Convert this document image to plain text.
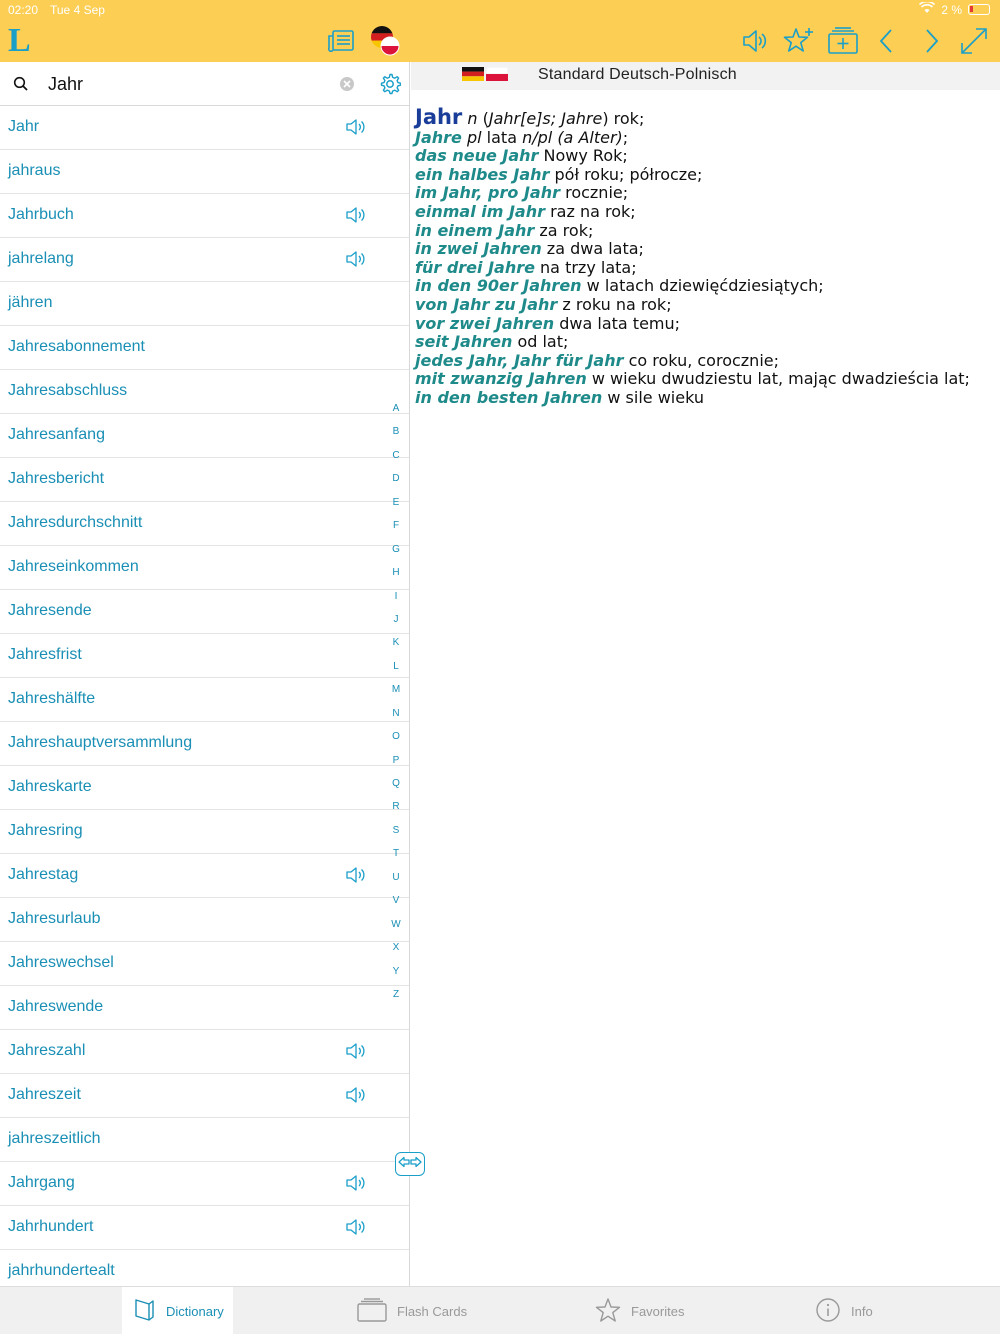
02:20 Tue 4 Sep	2 %
L
Jahr
Jahr
jahraus
Jahrbuch
jahrelang
jähren
Jahresabonnement
Jahresabschluss
Jahresanfang
Jahresbericht
Jahresdurchschnitt
Jahreseinkommen
Jahresende
Jahresfrist
Jahreshälfte
Jahreshauptversammlung
Jahreskarte
Jahresring
Jahrestag
Jahresurlaub
Jahreswechsel
Jahreswende
Jahreszahl
Jahreszeit
jahreszeitlich
Jahrgang
Jahrhundert
jahrhundertealt
A
B
C
D
E
F
G
H
I
J
K
L
M
N
O
P
Q
R
S
T
U
V
W
X
Y
Z
Standard Deutsch-Polnisch
Jahr n (Jahr[e]s; Jahre) rok;
Jahre pl lata n/pl (a Alter);
das neue Jahr Nowy Rok;
ein halbes Jahr pół roku; półrocze;
im Jahr, pro Jahr rocznie;
einmal im Jahr raz na rok;
in einem Jahr za rok;
in zwei Jahren za dwa lata;
für drei Jahre na trzy lata;
in den 90er Jahren w latach dziewięćdziesiątych;
von Jahr zu Jahr z roku na rok;
vor zwei Jahren dwa lata temu;
seit Jahren od lat;
jedes Jahr, Jahr für Jahr co roku, corocznie;
mit zwanzig Jahren w wieku dwudziestu lat, mając dwadzieścia lat;
in den besten Jahren w sile wieku
Dictionary	Flash Cards	Favorites	Info
